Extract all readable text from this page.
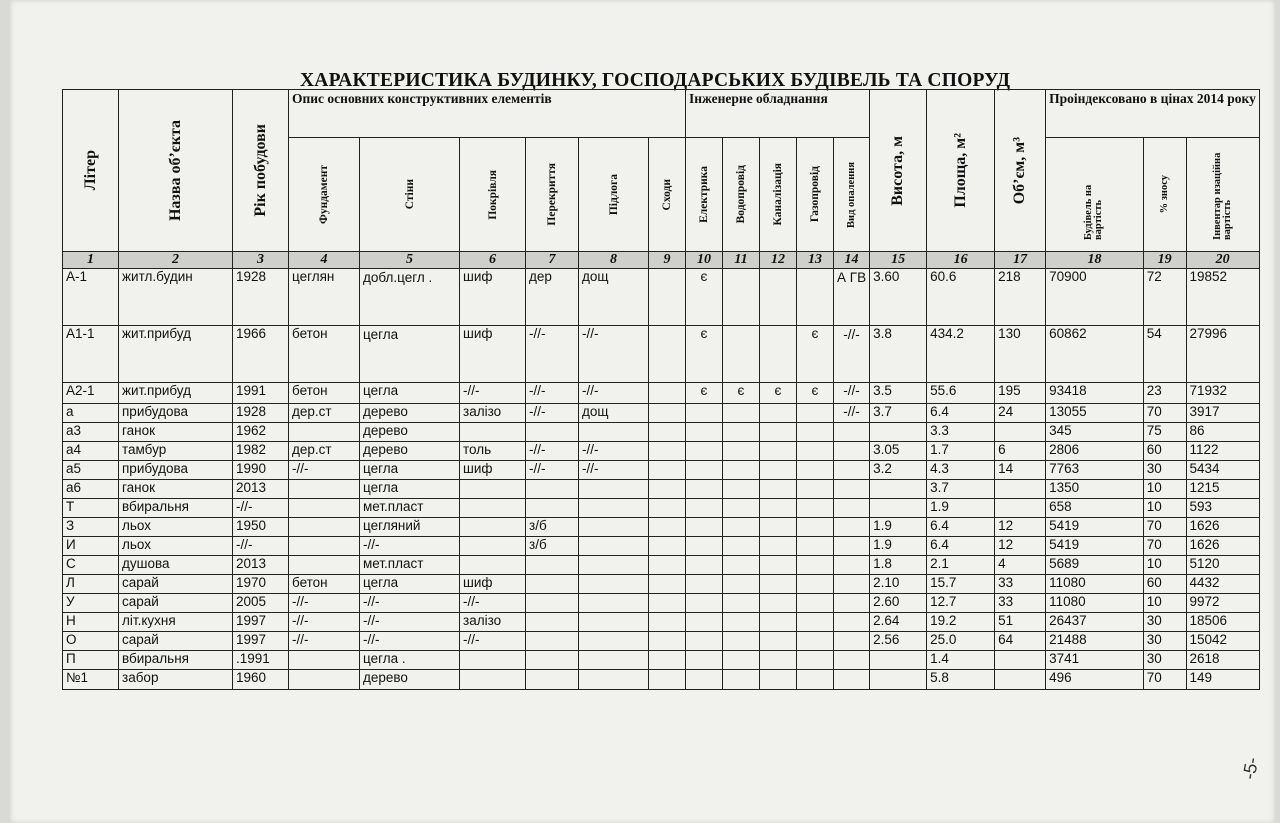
ХАРАКТЕРИСТИКА БУДИНКУ, ГОСПОДАРСЬКИХ БУДІВЕЛЬ ТА СПОРУД
-5-
Літер	Назва об’єкта	Рік побудови	Опис основних конструктивних елементів						Інженерне обладнання					Висота, м	Площа, м²	Об’єм, м³	Проіндексовано в цінах 2014 року		

			Фундамент	Стіни	Покрівля	Перекриття	Підлога	Сходи	Електрика	Водопровід	Каналізація	Газопровід	Вид опалення				Будівель на вартість	% зносу	Інвентар изаційна вартість

1	2	3	4	5	6	7	8	9	10	11	12	13	14	15	16	17	18	19	20
А-1	житл.будин	1928	цеглян	добл.цегл .	шиф	дер	дощ		є				А ГВ	3.60	60.6	218	70900	72	19852
А1-1	жит.прибуд	1966	бетон	цегла	шиф	-//-	-//-		є			є	-//-	3.8	434.2	130	60862	54	27996
А2-1	жит.прибуд	1991	бетон	цегла	-//-	-//-	-//-		є	є	є	є	-//-	3.5	55.6	195	93418	23	71932
а	прибудова	1928	дер.ст	дерево	залізо	-//-	дощ						-//-	3.7	6.4	24	13055	70	3917
а3	ганок	1962		дерево											3.3		345	75	86
а4	тамбур	1982	дер.ст	дерево	толь	-//-	-//-							3.05	1.7	6	2806	60	1122
а5	прибудова	1990	-//-	цегла	шиф	-//-	-//-							3.2	4.3	14	7763	30	5434
а6	ганок	2013		цегла											3.7		1350	10	1215
Т	вбиральня	-//-		мет.пласт											1.9		658	10	593
З	льох	1950		цегляний		з/б								1.9	6.4	12	5419	70	1626
И	льох	-//-		-//-		з/б								1.9	6.4	12	5419	70	1626
С	душова	2013		мет.пласт										1.8	2.1	4	5689	10	5120
Л	сарай	1970	бетон	цегла	шиф									2.10	15.7	33	11080	60	4432
У	сарай	2005	-//-	-//-	-//-									2.60	12.7	33	11080	10	9972
Н	літ.кухня	1997	-//-	-//-	залізо									2.64	19.2	51	26437	30	18506
О	сарай	1997	-//-	-//-	-//-									2.56	25.0	64	21488	30	15042
П	вбиральня	.1991		цегла .											1.4		3741	30	2618
№1	забор	1960		дерево											5.8		496	70	149
